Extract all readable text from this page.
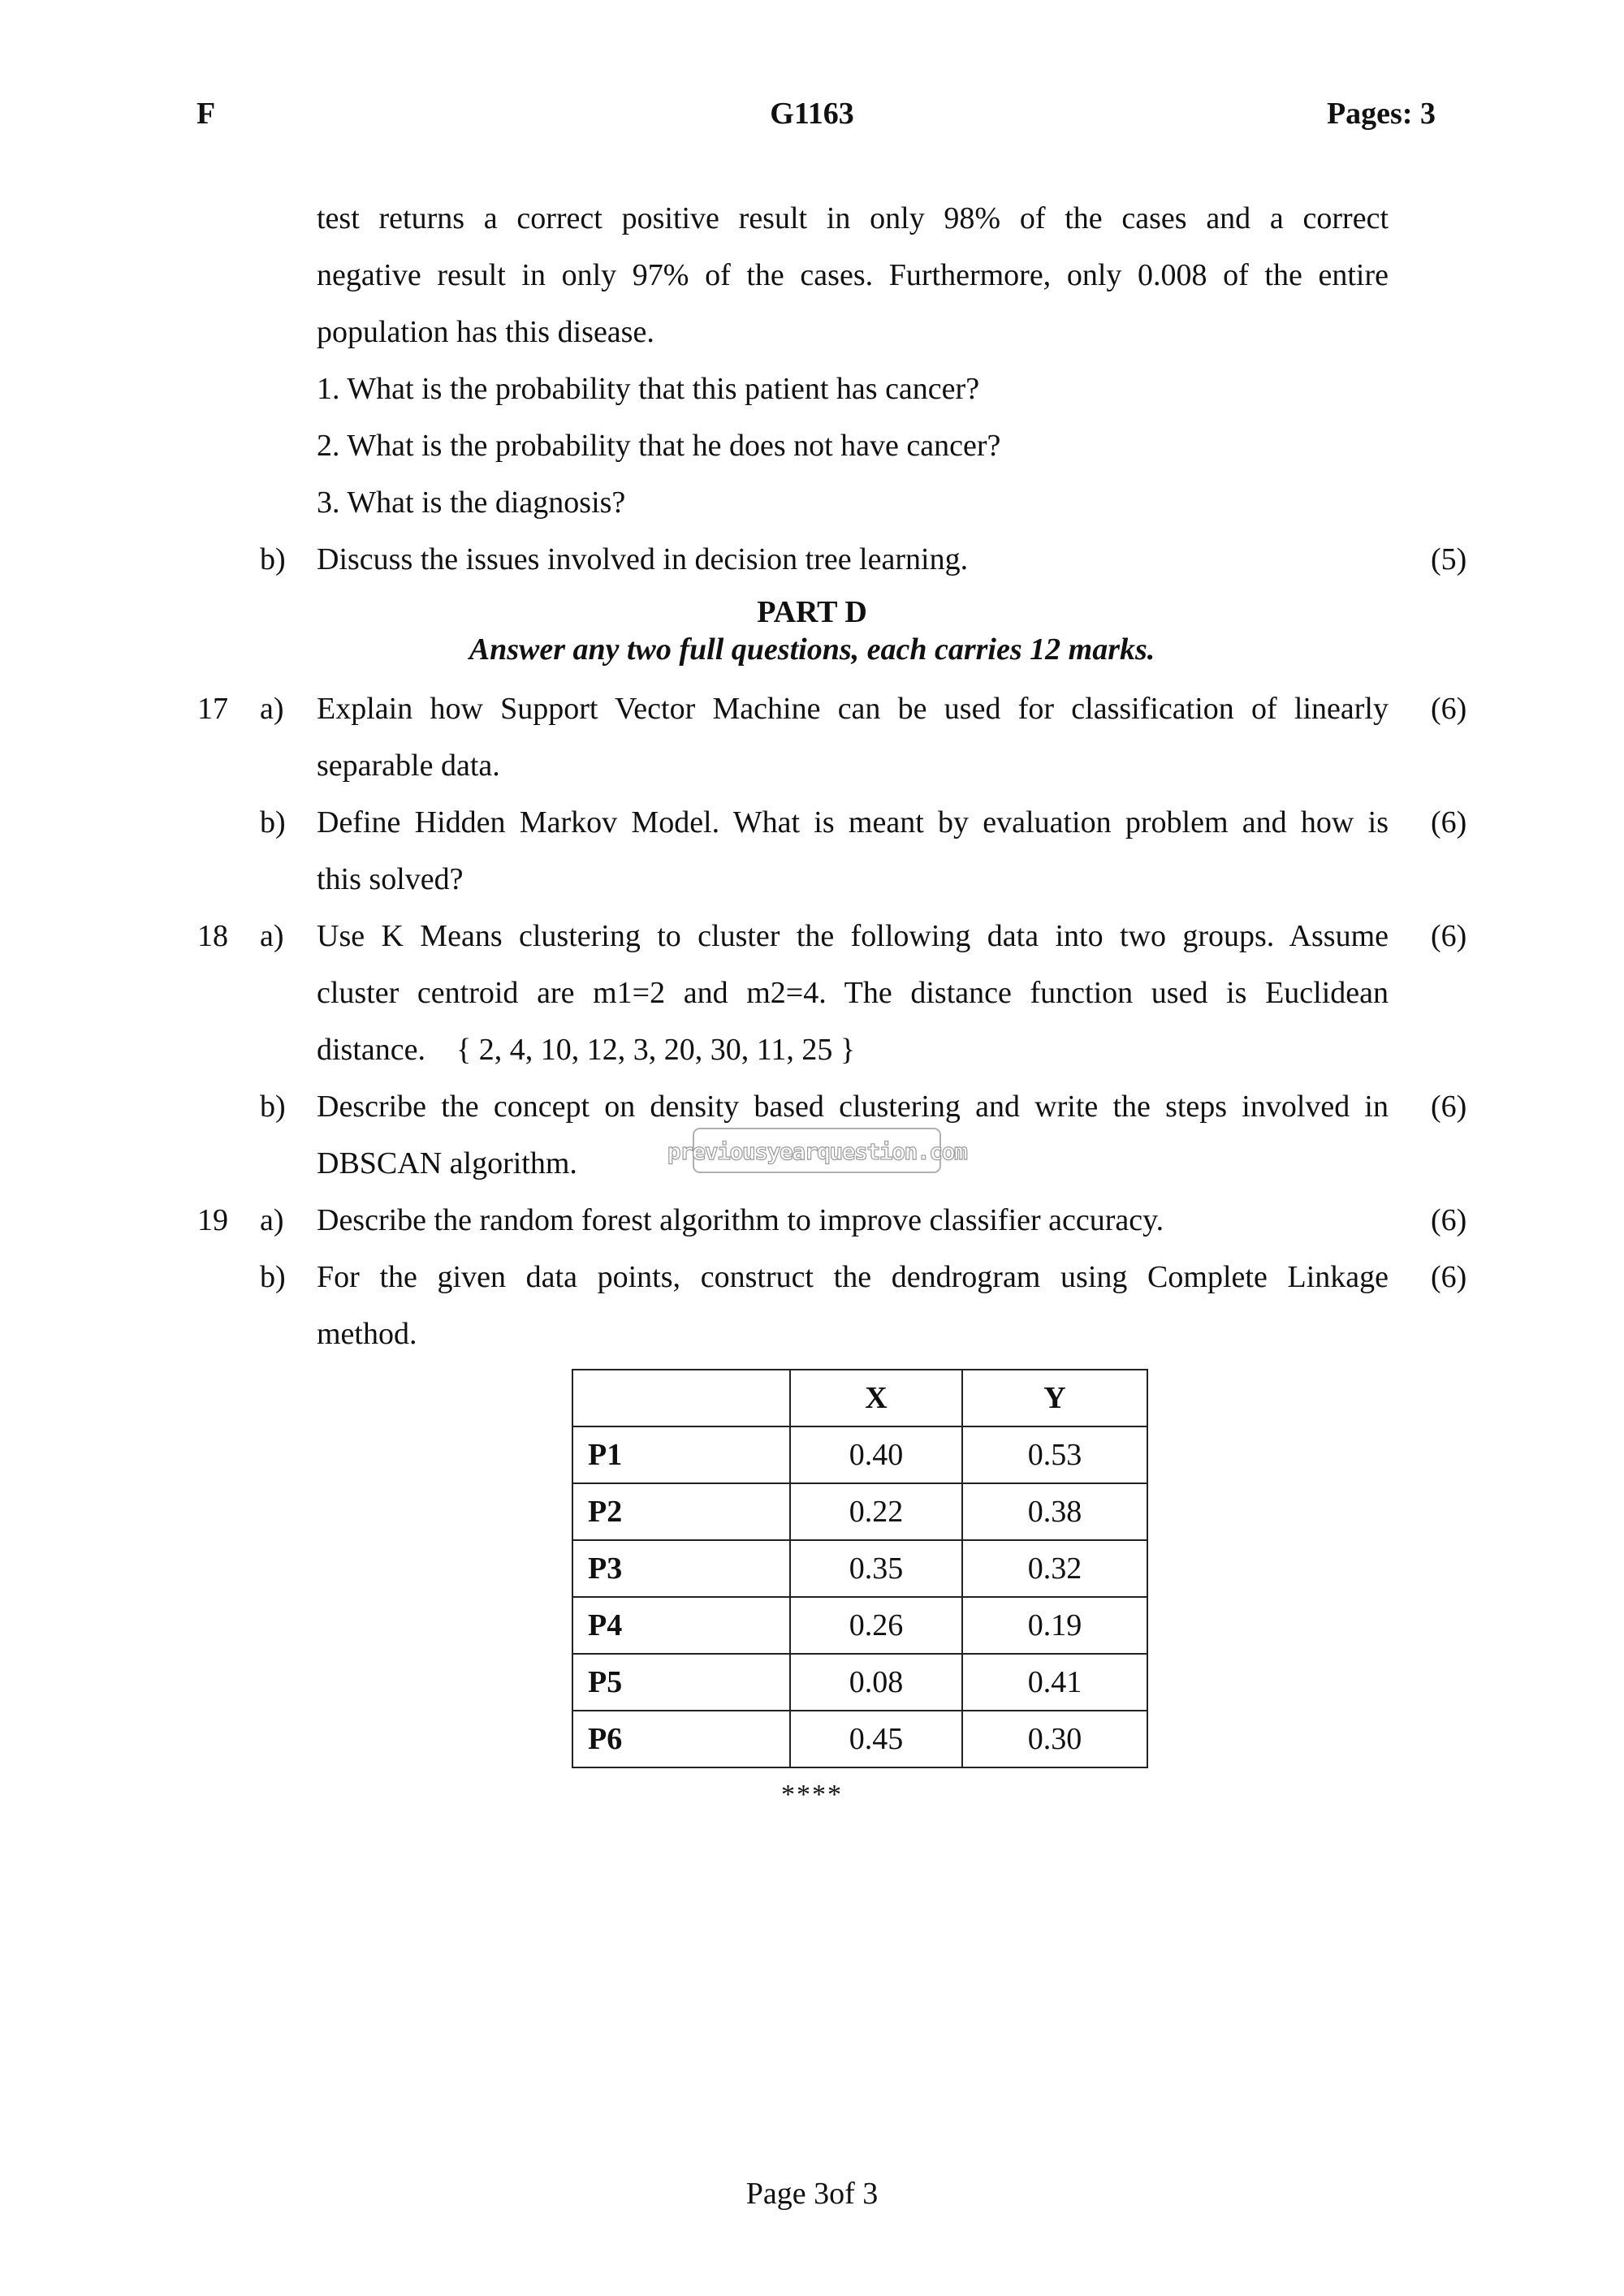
F	G1163	Pages: 3

test returns a correct positive result in only 98% of the cases and a correct

negative result in only 97% of the cases. Furthermore, only 0.008 of the entire

population has this disease.

1. What is the probability that this patient has cancer?

2. What is the probability that he does not have cancer?

3. What is the diagnosis?

b) Discuss the issues involved in decision tree learning.	(5)
PART D
Answer any two full questions, each carries 12 marks.
17 a) Explain how Support Vector Machine can be used for classification of linearly

separable data.

(6)
b) Define Hidden Markov Model. What is meant by evaluation problem and how is

this solved?

(6)
18 a) Use K Means clustering to cluster the following data into two groups. Assume

cluster centroid are m1=2 and m2=4. The distance function used is Euclidean

distance.    { 2, 4, 10, 12, 3, 20, 30, 11, 25 }

(6)
b) Describe the concept on density based clustering and write the steps involved in

DBSCAN algorithm.

(6)
previousyearquestion.com
19 a) Describe the random forest algorithm to improve classifier accuracy.	(6)
b) For the given data points, construct the dendrogram using Complete Linkage

method.

(6)
	X	Y
P1	0.40	0.53
P2	0.22	0.38
P3	0.35	0.32
P4	0.26	0.19
P5	0.08	0.41
P6	0.45	0.30
****
Page 3of 3
